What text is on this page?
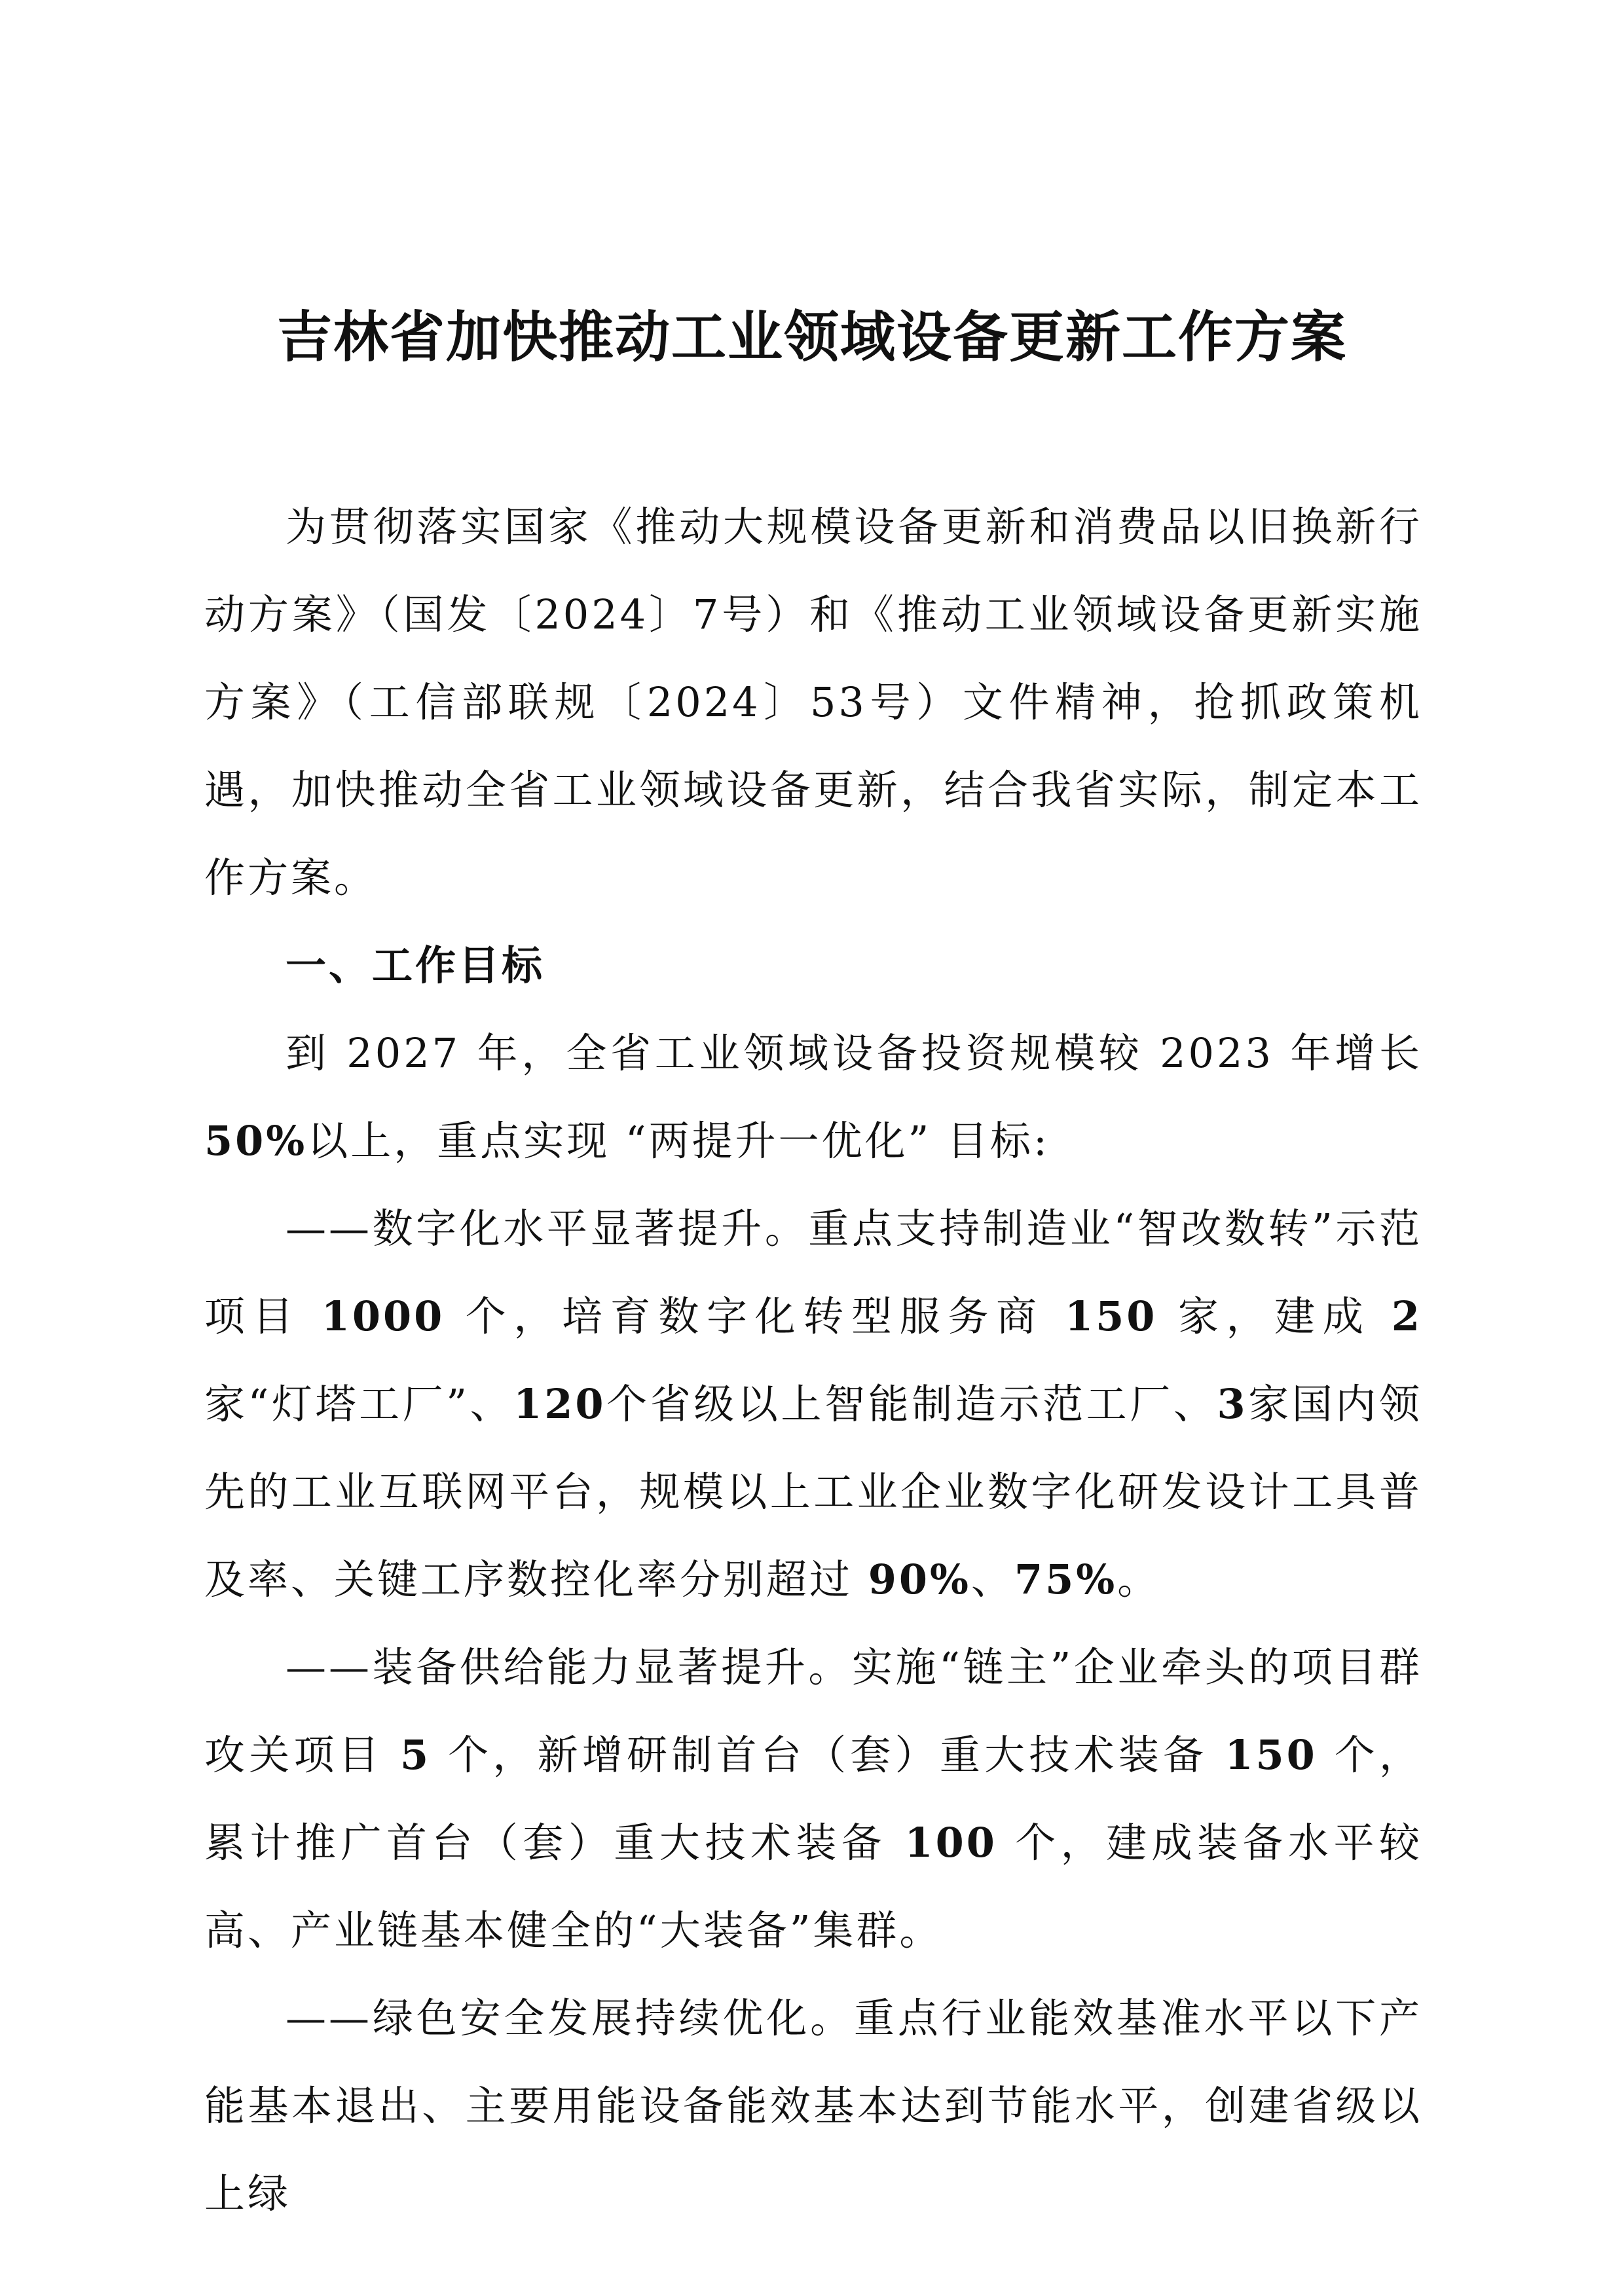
吉林省加快推动工业领域设备更新工作方案

为贯彻落实国家《推动大规模设备更新和消费品以旧换新行动方案》（国发〔2024〕7号）和《推动工业领域设备更新实施方案》（工信部联规〔2024〕53号）文件精神，抢抓政策机遇，加快推动全省工业领域设备更新，结合我省实际，制定本工作方案。

一、工作目标

到 2027 年，全省工业领域设备投资规模较 2023 年增长 50%以上，重点实现 “两提升一优化” 目标:

——数字化水平显著提升。重点支持制造业“智改数转”示范项目 1000 个，培育数字化转型服务商 150 家，建成 2 家“灯塔工厂”、120个省级以上智能制造示范工厂、3家国内领先的工业互联网平台，规模以上工业企业数字化研发设计工具普及率、关键工序数控化率分别超过 90%、75%。

——装备供给能力显著提升。实施“链主”企业牵头的项目群攻关项目 5 个，新增研制首台（套）重大技术装备 150 个，累计推广首台（套）重大技术装备 100 个，建成装备水平较高、产业链基本健全的“大装备”集群。

——绿色安全发展持续优化。重点行业能效基准水平以下产能基本退出、主要用能设备能效基本达到节能水平，创建省级以上绿
